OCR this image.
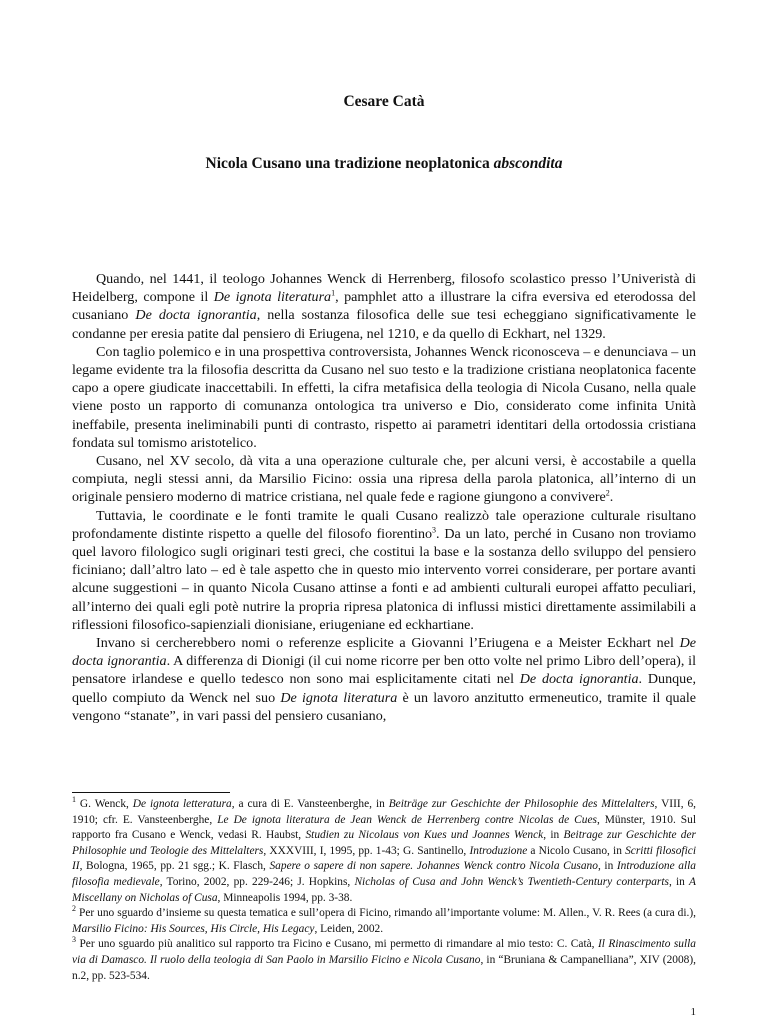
Cesare Catà
Nicola Cusano una tradizione neoplatonica abscondita

Quando, nel 1441, il teologo Johannes Wenck di Herrenberg, filosofo scolastico presso l’Univeristà di Heidelberg, compone il De ignota literatura$^1$, pamphlet atto a illustrare la cifra eversiva ed eterodossa del cusaniano De docta ignorantia, nella sostanza filosofica delle sue tesi echeggiano significativamente le condanne per eresia patite dal pensiero di Eriugena, nel 1210, e da quello di Eckhart, nel 1329.

Con taglio polemico e in una prospettiva controversista, Johannes Wenck riconosceva – e denunciava – un legame evidente tra la filosofia descritta da Cusano nel suo testo e la tradizione cristiana neoplatonica facente capo a opere giudicate inaccettabili. In effetti, la cifra metafisica della teologia di Nicola Cusano, nella quale viene posto un rapporto di comunanza ontologica tra universo e Dio, considerato come infinita Unità ineffabile, presenta ineliminabili punti di contrasto, rispetto ai parametri identitari della ortodossia cristiana fondata sul tomismo aristotelico.

Cusano, nel XV secolo, dà vita a una operazione culturale che, per alcuni versi, è accostabile a quella compiuta, negli stessi anni, da Marsilio Ficino: ossia una ripresa della parola platonica, all’interno di un originale pensiero moderno di matrice cristiana, nel quale fede e ragione giungono a convivere$^2$.

Tuttavia, le coordinate e le fonti tramite le quali Cusano realizzò tale operazione culturale risultano profondamente distinte rispetto a quelle del filosofo fiorentino$^3$. Da un lato, perché in Cusano non troviamo quel lavoro filologico sugli originari testi greci, che costitui la base e la sostanza dello sviluppo del pensiero ficiniano; dall’altro lato – ed è tale aspetto che in questo mio intervento vorrei considerare, per portare avanti alcune suggestioni – in quanto Nicola Cusano attinse a fonti e ad ambienti culturali europei affatto peculiari, all’interno dei quali egli potè nutrire la propria ripresa platonica di influssi mistici direttamente assimilabili a riflessioni filosofico-sapienziali dionisiane, eriugeniane ed eckhartiane.

Invano si cercherebbero nomi o referenze esplicite a Giovanni l’Eriugena e a Meister Eckhart nel De docta ignorantia. A differenza di Dionigi (il cui nome ricorre per ben otto volte nel primo Libro dell’opera), il pensatore irlandese e quello tedesco non sono mai esplicitamente citati nel De docta ignorantia. Dunque, quello compiuto da Wenck nel suo De ignota literatura è un lavoro anzitutto ermeneutico, tramite il quale vengono “stanate”, in vari passi del pensiero cusaniano,

$^1$ G. Wenck, De ignota letteratura, a cura di E. Vansteenberghe, in Beiträge zur Geschichte der Philosophie des Mittelalters, VIII, 6, 1910; cfr. E. Vansteenberghe, Le De ignota literatura de Jean Wenck de Herrenberg contre Nicolas de Cues, Münster, 1910. Sul rapporto fra Cusano e Wenck, vedasi R. Haubst, Studien zu Nicolaus von Kues und Joannes Wenck, in Beitrage zur Geschichte der Philosophie und Teologie des Mittelalters, XXXVIII, I, 1995, pp. 1-43; G. Santinello, Introduzione a Nicolo Cusano, in Scritti filosofici II, Bologna, 1965, pp. 21 sgg.; K. Flasch, Sapere o sapere di non sapere. Johannes Wenck contro Nicola Cusano, in Introduzione alla filosofia medievale, Torino, 2002, pp. 229-246; J. Hopkins, Nicholas of Cusa and John Wenck’s Twentieth-Century conterparts, in A Miscellany on Nicholas of Cusa, Minneapolis 1994, pp. 3-38.

$^2$ Per uno sguardo d’insieme su questa tematica e sull’opera di Ficino, rimando all’importante volume: M. Allen., V. R. Rees (a cura di.), Marsilio Ficino: His Sources, His Circle, His Legacy, Leiden, 2002.

$^3$ Per uno sguardo più analitico sul rapporto tra Ficino e Cusano, mi permetto di rimandare al mio testo: C. Catà, Il Rinascimento sulla via di Damasco. Il ruolo della teologia di San Paolo in Marsilio Ficino e Nicola Cusano, in “Bruniana & Campanelliana”, XIV (2008), n.2, pp. 523-534.

1
